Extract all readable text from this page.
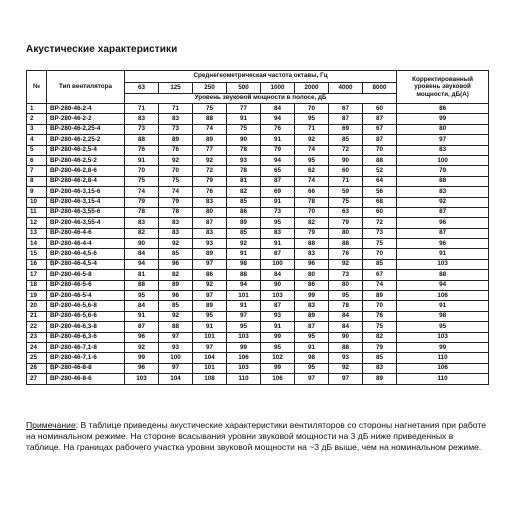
Акустические характеристики
№	Тип вентилятора	Среднегеометрическая частота октавы, Гц								Корректированный уровень звуковой мощности, дБ(А)
		63	125	250	500	1000	2000	4000	8000	
		Уровень звуковой мощности в полосе, дБ								
1	ВР-280-46-2-4	71	71	75	77	84	70	67	60	86
2	ВР-280-46-2-2	83	83	88	91	94	95	87	87	99
3	ВР-280-46-2,25-4	73	73	74	75	76	71	69	67	80
4	ВР-280-46-2,25-2	88	89	89	90	91	92	85	87	97
5	ВР-280-46-2,5-4	76	76	77	78	79	74	72	70	83
6	ВР-280-46-2,5-2	91	92	92	93	94	95	90	88	100
7	ВР-280-46-2,8-6	70	70	72	78	65	62	60	52	79
8	ВР-280-46-2,8-4	75	75	79	81	87	74	71	64	88
9	ВР-280-46-3,15-6	74	74	76	82	69	66	59	56	83
10	ВР-280-46-3,15-4	79	79	83	85	91	78	75	68	92
11	ВР-280-46-3,55-6	78	78	80	86	73	70	63	60	87
12	ВР-280-46-3,55-4	83	83	87	89	95	82	79	72	96
13	ВР-280-46-4-6	82	83	83	85	83	79	80	73	87
14	ВР-280-46-4-4	90	92	93	92	91	88	88	75	96
15	ВР-280-46-4,5-6	84	85	89	91	87	83	76	70	91
16	ВР-280-46-4,5-4	94	96	97	98	100	96	92	85	103
17	ВР-280-46-5-8	81	82	86	88	84	80	73	67	88
18	ВР-280-46-5-6	88	89	92	94	90	86	80	74	94
19	ВР-280-46-5-4	95	96	97	101	103	99	95	89	106
20	ВР-280-46-5,6-8	84	85	89	91	87	83	78	70	91
21	ВР-280-46-5,6-6	91	92	95	97	93	89	84	76	98
22	ВР-280-46-6,3-8	87	88	91	95	91	87	84	75	95
23	ВР-280-46-6,3-6	96	97	101	103	99	95	90	82	103
24	ВР-280-46-7,1-8	92	93	97	99	95	91	88	79	99
25	ВР-280-46-7,1-6	99	100	104	106	102	98	93	85	110
26	ВР-280-46-8-8	96	97	101	103	99	95	92	83	106
27	ВР-280-46-8-6	103	104	108	110	106	97	97	89	110
Примечание: В таблице приведены акустические характеристики вентиляторов со стороны нагнетания при работе на номинальном режиме. На стороне всасывания уровни звуковой мощности на 3 дБ ниже приведенных в таблице. На границах рабочего участка уровни звуковой мощности на ~3 дБ выше, чем на номинальном режиме.
